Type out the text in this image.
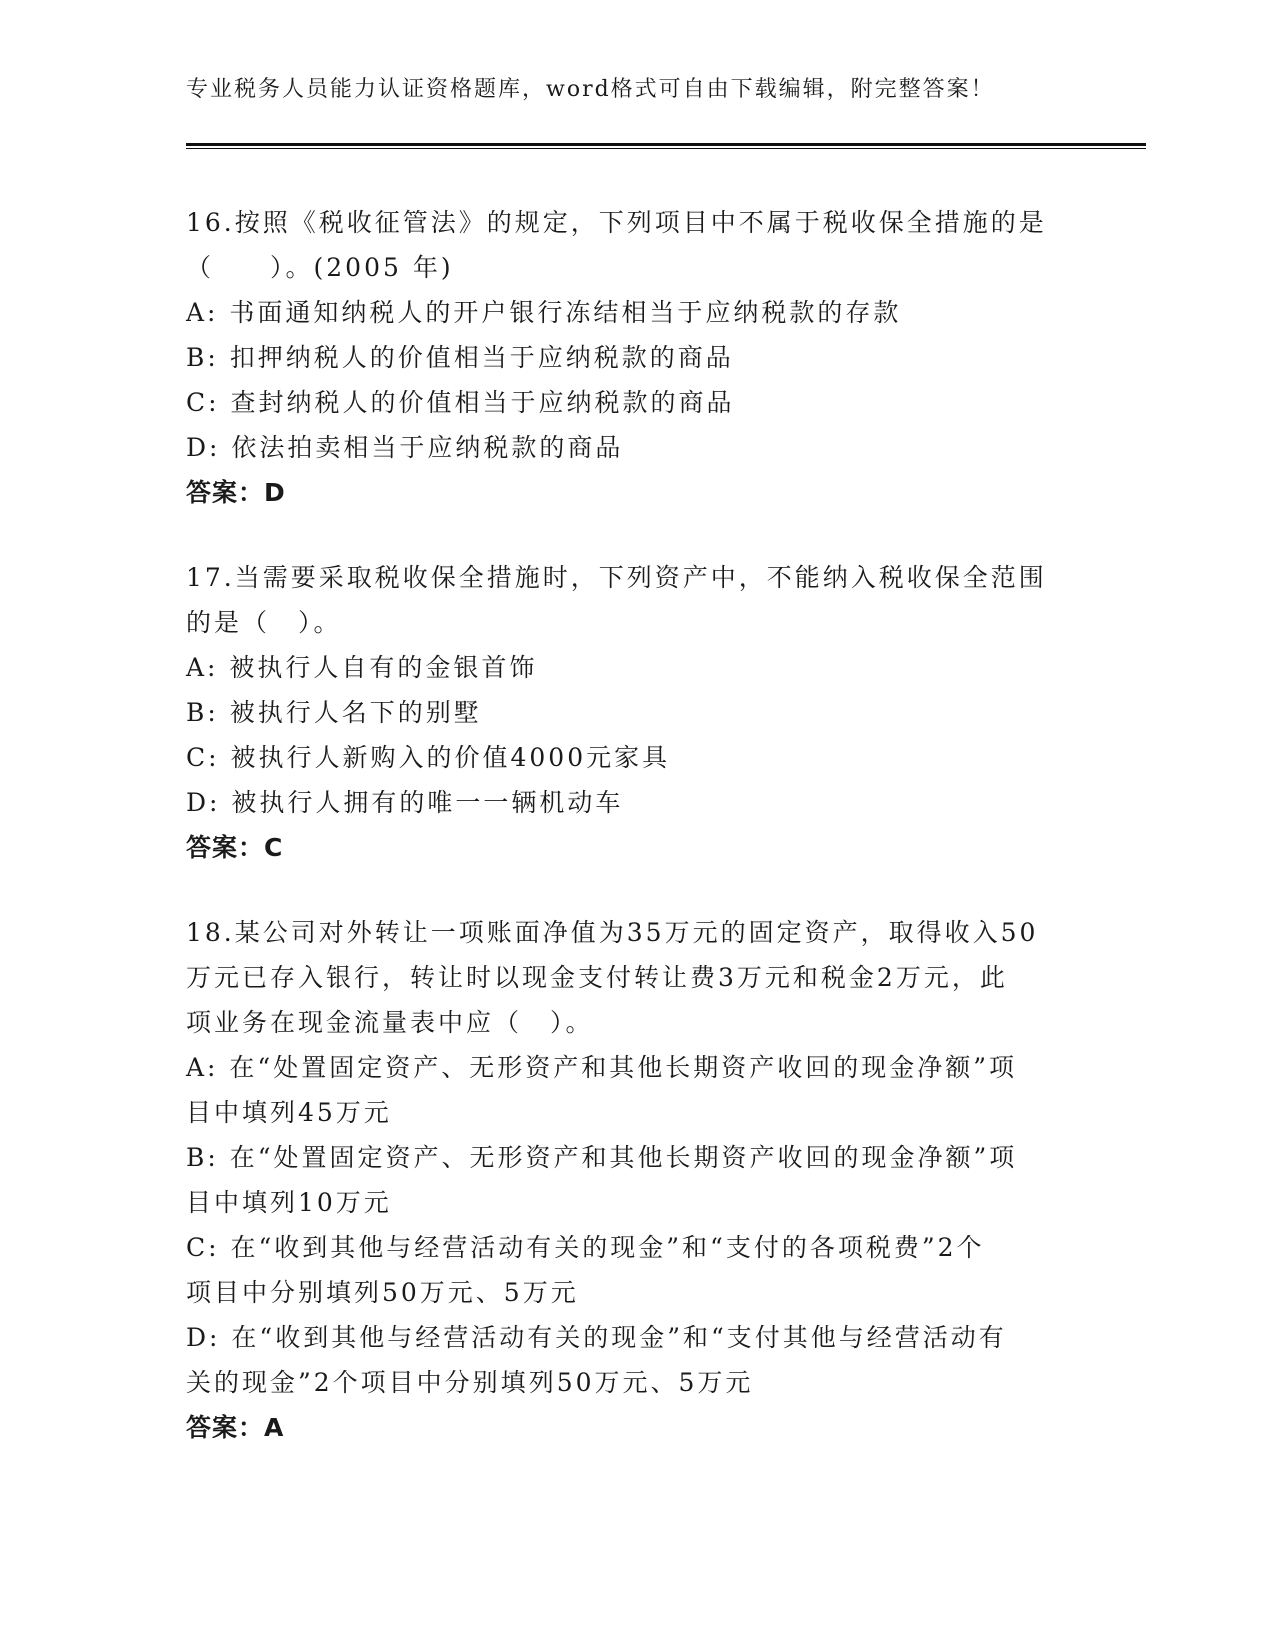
专业税务人员能力认证资格题库，word格式可自由下载编辑，附完整答案！
16.按照《税收征管法》的规定，下列项目中不属于税收保全措施的是
（　　）。(2005 年)
A: 书面通知纳税人的开户银行冻结相当于应纳税款的存款
B: 扣押纳税人的价值相当于应纳税款的商品
C: 查封纳税人的价值相当于应纳税款的商品
D: 依法拍卖相当于应纳税款的商品
答案：D
17.当需要采取税收保全措施时，下列资产中，不能纳入税收保全范围
的是（　）。
A: 被执行人自有的金银首饰
B: 被执行人名下的别墅
C: 被执行人新购入的价值4000元家具
D: 被执行人拥有的唯一一辆机动车
答案：C
18.某公司对外转让一项账面净值为35万元的固定资产，取得收入50
万元已存入银行，转让时以现金支付转让费3万元和税金2万元，此
项业务在现金流量表中应（　）。
A: 在“处置固定资产、无形资产和其他长期资产收回的现金净额”项
目中填列45万元
B: 在“处置固定资产、无形资产和其他长期资产收回的现金净额”项
目中填列10万元
C: 在“收到其他与经营活动有关的现金”和“支付的各项税费”2个
项目中分别填列50万元、5万元
D: 在“收到其他与经营活动有关的现金”和“支付其他与经营活动有
关的现金”2个项目中分别填列50万元、5万元
答案：A
